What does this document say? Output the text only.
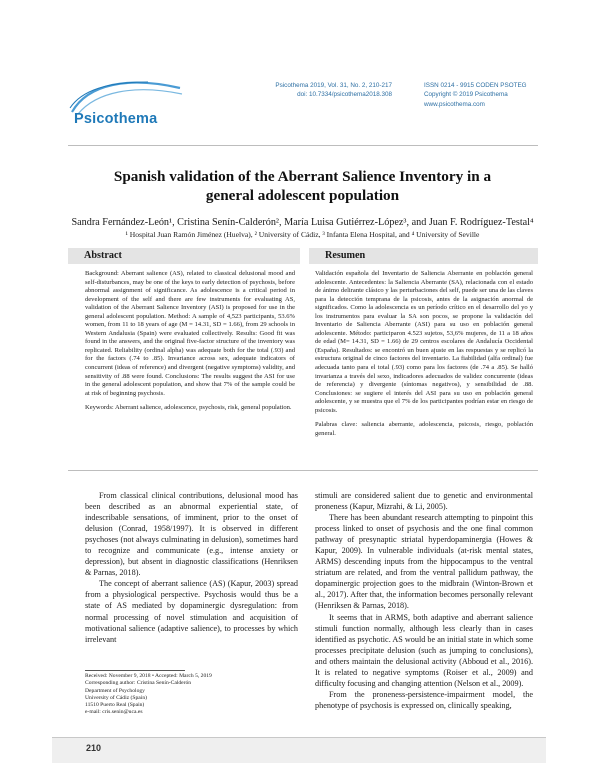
Psicothema
Psicothema 2019, Vol. 31, No. 2, 210-217
doi: 10.7334/psicothema2018.308
ISSN 0214 - 9915 CODEN PSOTEG
Copyright © 2019 Psicothema
www.psicothema.com
Spanish validation of the Aberrant Salience Inventory in a general adolescent population
Sandra Fernández-León¹, Cristina Senín-Calderón², María Luisa Gutiérrez-López³, and Juan F. Rodríguez-Testal⁴
¹ Hospital Juan Ramón Jiménez (Huelva), ² University of Cádiz, ³ Infanta Elena Hospital, and ⁴ University of Seville
Abstract	Resumen

Background: Aberrant salience (AS), related to classical delusional mood and self-disturbances, may be one of the keys to early detection of psychosis, before abnormal assignment of significance. As adolescence is a critical period in development of the self and there are few instruments for evaluating AS, validation of the Aberrant Salience Inventory (ASI) is proposed for use in the general adolescent population. Method: A sample of 4,523 participants, 53.6% women, from 11 to 18 years of age (M = 14.31, SD = 1.66), from 29 schools in Western Andalusia (Spain) were evaluated collectively. Results: Good fit was found in the answers, and the original five-factor structure of the inventory was replicated. Reliability (ordinal alpha) was adequate both for the total (.93) and for the factors (.74 to .85). Invariance across sex, adequate indicators of concurrent (ideas of reference) and divergent (negative symptoms) validity, and sensitivity of .88 were found. Conclusions: The results suggest the ASI for use in the general adolescent population, and show that 7% of the sample could be at risk of beginning psychosis.

Keywords: Aberrant salience, adolescence, psychosis, risk, general population.

Validación española del Inventario de Saliencia Aberrante en población general adolescente. Antecedentes: la Saliencia Aberrante (SA), relacionada con el estado de ánimo delirante clásico y las perturbaciones del self, puede ser una de las claves para la detección temprana de la psicosis, antes de la asignación anormal de significados. Como la adolescencia es un período crítico en el desarrollo del yo y los instrumentos para evaluar la SA son pocos, se propone la validación del Inventario de Saliencia Aberrante (ASI) para su uso en población general adolescente. Método: participaron 4.523 sujetos, 53,6% mujeres, de 11 a 18 años de edad (M= 14.31, SD = 1.66) de 29 centros escolares de Andalucía Occidental (España). Resultados: se encontró un buen ajuste en las respuestas y se replicó la estructura original de cinco factores del inventario. La fiabilidad (alfa ordinal) fue adecuada tanto para el total (.93) como para los factores (de .74 a .85). Se halló invarianza a través del sexo, indicadores adecuados de validez concurrente (ideas de referencia) y divergente (síntomas negativos), y sensibilidad de .88. Conclusiones: se sugiere el interés del ASI para su uso en población general adolescente, y se muestra que el 7% de los participantes podrían estar en riesgo de psicosis.

Palabras clave: saliencia aberrante, adolescencia, psicosis, riesgo, población general.

From classical clinical contributions, delusional mood has been described as an abnormal experiential state, of indescribable sensations, of imminent, prior to the onset of delusion (Conrad, 1958/1997). It is observed in different psychoses (not always culminating in delusion), sometimes hard to recognize and communicate (e.g., intense anxiety or depression), but absent in diagnostic classifications (Henriksen & Parnas, 2018).

The concept of aberrant salience (AS) (Kapur, 2003) spread from a physiological perspective. Psychosis would thus be a state of AS mediated by dopaminergic dysregulation: from normal processing of novel stimulation and acquisition of motivational salience (adaptive salience), to processes by which irrelevant

stimuli are considered salient due to genetic and environmental proneness (Kapur, Mizrahi, & Li, 2005).

There has been abundant research attempting to pinpoint this process linked to onset of psychosis and the one final common pathway of presynaptic striatal hyperdopaminergia (Howes & Kapur, 2009). In vulnerable individuals (at-risk mental states, ARMS) descending inputs from the hippocampus to the ventral striatum are related, and from the ventral pallidum pathway, the dopaminergic projection goes to the midbrain (Winton-Brown et al., 2017). After that, the information becomes personally relevant (Henriksen & Parnas, 2018).

It seems that in ARMS, both adaptive and aberrant salience stimuli function normally, although less clearly than in cases identified as psychotic. AS would be an initial state in which some processes precipitate delusion (such as jumping to conclusions), and others maintain the delusional activity (Abboud et al., 2016). It is related to negative symptoms (Roiser et al., 2009) and difficulty focusing and changing attention (Nelson et al., 2009).

From the proneness-persistence-impairment model, the phenotype of psychosis is expressed on, clinically speaking,

Received: November 9, 2018 • Accepted: March 5, 2019
Corresponding author: Cristina Senín-Calderón
Department of Psychology
University of Cádiz (Spain)
11510 Puerto Real (Spain)
e-mail: cris.senin@uca.es
210
